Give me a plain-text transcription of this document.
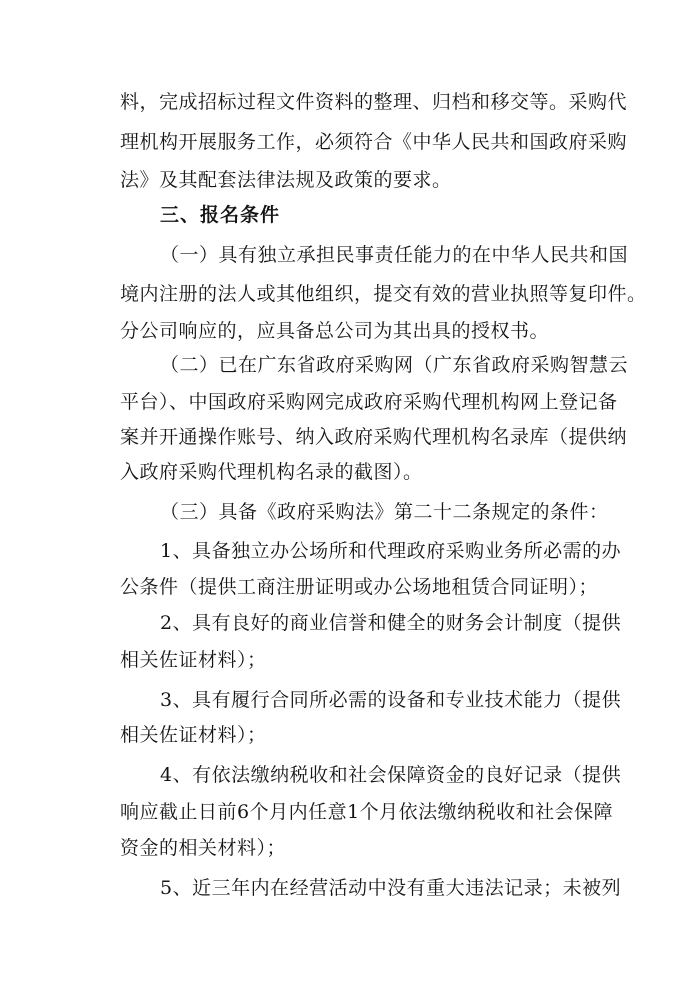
料，完成招标过程文件资料的整理、归档和移交等。采购代
理机构开展服务工作，必须符合《中华人民共和国政府采购
法》及其配套法律法规及政策的要求。
三、报名条件
（一）具有独立承担民事责任能力的在中华人民共和国
境内注册的法人或其他组织，提交有效的营业执照等复印件。
分公司响应的，应具备总公司为其出具的授权书。
（二）已在广东省政府采购网（广东省政府采购智慧云
平台）、中国政府采购网完成政府采购代理机构网上登记备
案并开通操作账号、纳入政府采购代理机构名录库（提供纳
入政府采购代理机构名录的截图）。
（三）具备《政府采购法》第二十二条规定的条件：
1、具备独立办公场所和代理政府采购业务所必需的办
公条件（提供工商注册证明或办公场地租赁合同证明）；
2、具有良好的商业信誉和健全的财务会计制度（提供
相关佐证材料）；
3、具有履行合同所必需的设备和专业技术能力（提供
相关佐证材料）；
4、有依法缴纳税收和社会保障资金的良好记录（提供
响应截止日前6个月内任意1个月依法缴纳税收和社会保障
资金的相关材料）；
5、近三年内在经营活动中没有重大违法记录；未被列
